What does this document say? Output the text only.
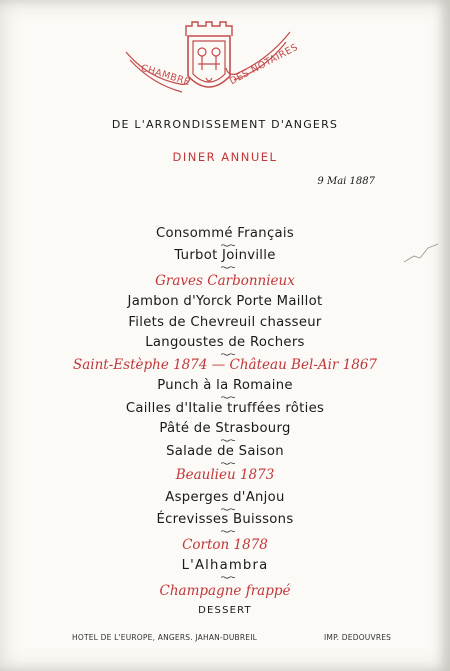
CHAMBRE	DES NOTAIRES
DE L'ARRONDISSEMENT D'ANGERS
DINER ANNUEL
9 Mai 1887
Consommé Français
Turbot Joinville
Graves Carbonnieux
Jambon d'Yorck Porte Maillot
Filets de Chevreuil chasseur
Langoustes de Rochers
Saint-Estèphe 1874 — Château Bel-Air 1867
Punch à la Romaine
Cailles d'Italie truffées rôties
Pâté de Strasbourg
Salade de Saison
Beaulieu 1873
Asperges d'Anjou
Écrevisses Buissons
Corton 1878
L'Alhambra
Champagne frappé
DESSERT
HOTEL DE L'EUROPE, ANGERS. JAHAN-DUBREIL	IMP. DEDOUVRES
